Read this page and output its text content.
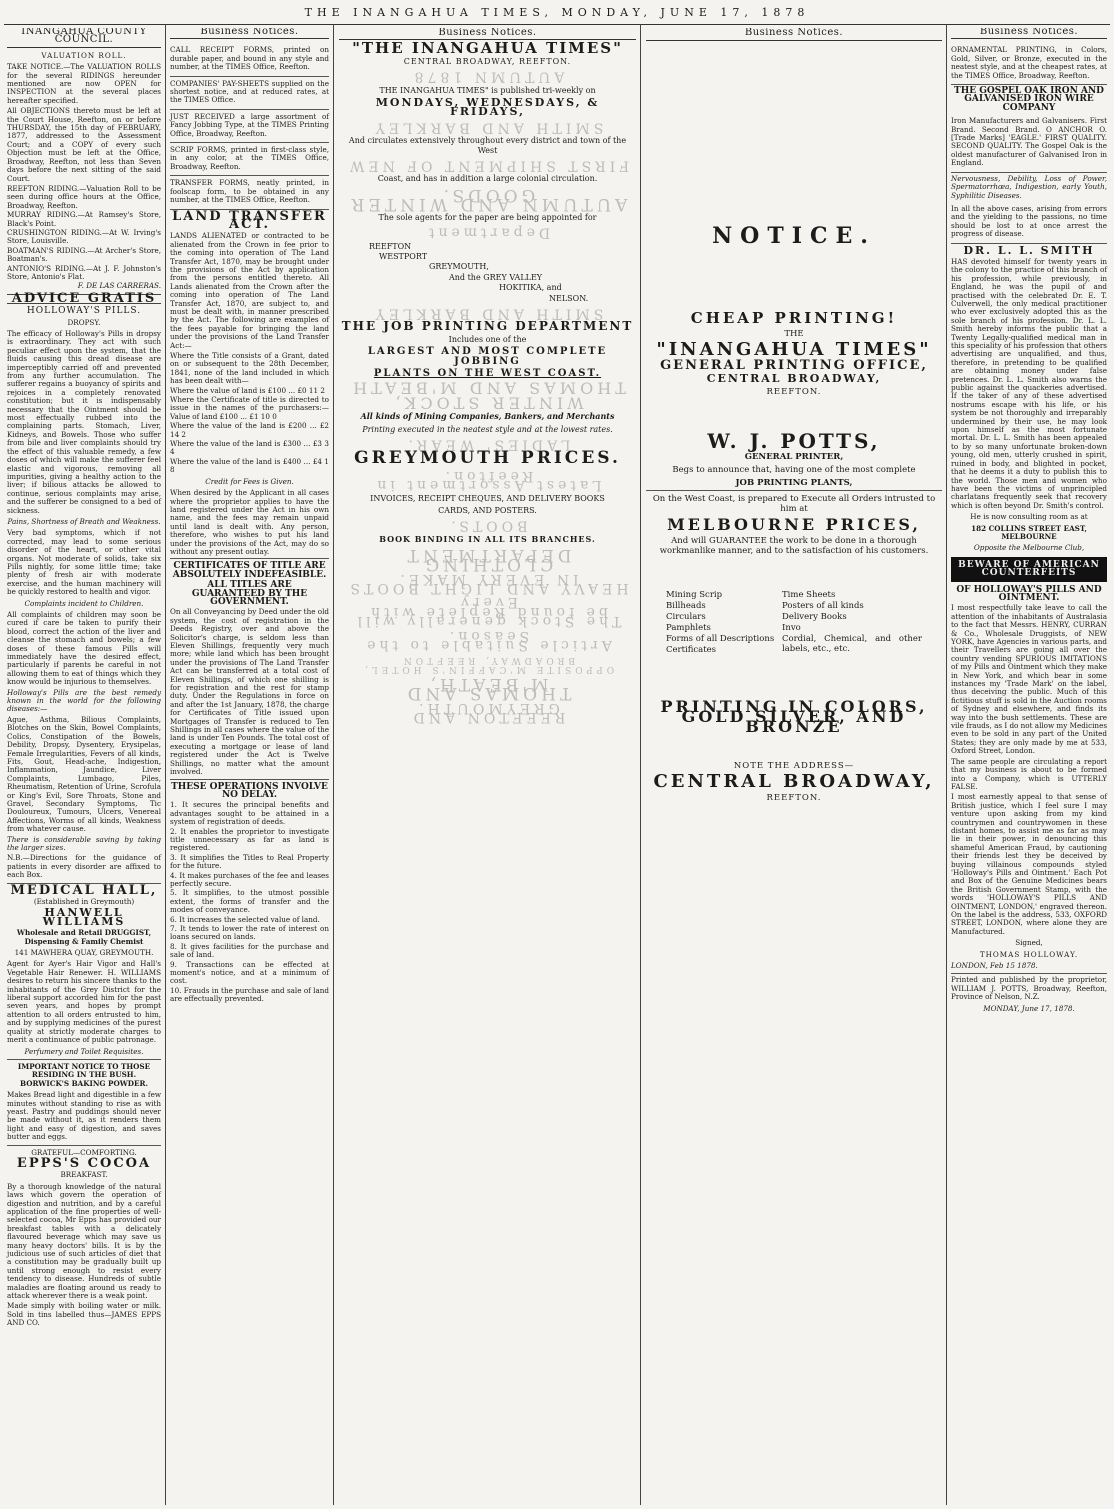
THE INANGAHUA TIMES, MONDAY, JUNE 17, 1878
INANGAHUA COUNTY COUNCIL.
VALUATION ROLL.
TAKE NOTICE.—The VALUATION ROLLS for the several RIDINGS hereunder mentioned are now OPEN for INSPECTION at the several places hereafter specified.
All OBJECTIONS thereto must be left at the Court House, Reefton, on or before THURSDAY, the 15th day of FEBRUARY, 1877, addressed to the Assessment Court; and a COPY of every such Objection must be left at the Office, Broadway, Reefton, not less than Seven days before the next sitting of the said Court.
REEFTON RIDING.—Valuation Roll to be seen during office hours at the Office, Broadway, Reefton.
MURRAY RIDING.—At Ramsey's Store, Black's Point.
CRUSHINGTON RIDING.—At W. Irving's Store, Louisville.
BOATMAN'S RIDING.—At Archer's Store, Boatman's.
ANTONIO'S RIDING.—At J. F. Johnston's Store, Antonio's Flat.
F. DE LAS CARRERAS.
ADVICE GRATIS
HOLLOWAY'S PILLS.
DROPSY.
The efficacy of Holloway's Pills in dropsy is extraordinary. They act with such peculiar effect upon the system, that the fluids causing this dread disease are imperceptibly carried off and prevented from any further accumulation. The sufferer regains a buoyancy of spirits and rejoices in a completely renovated constitution; but it is indispensably necessary that the Ointment should be most effectually rubbed into the complaining parts. Stomach, Liver, Kidneys, and Bowels. Those who suffer from bile and liver complaints should try the effect of this valuable remedy, a few doses of which will make the sufferer feel elastic and vigorous, removing all impurities, giving a healthy action to the liver; if bilious attacks be allowed to continue, serious complaints may arise, and the sufferer be consigned to a bed of sickness.
Pains, Shortness of Breath and Weakness.
Very bad symptoms, which if not corrected, may lead to some serious disorder of the heart, or other vital organs. Not moderate of solids, take six Pills nightly, for some little time; take plenty of fresh air with moderate exercise, and the human machinery will be quickly restored to health and vigor.
Complaints incident to Children.
All complaints of children may soon be cured if care be taken to purify their blood, correct the action of the liver and cleanse the stomach and bowels; a few doses of these famous Pills will immediately have the desired effect, particularly if parents be careful in not allowing them to eat of things which they know would be injurious to themselves.
Holloway's Pills are the best remedy known in the world for the following diseases:—
Ague, Asthma, Bilious Complaints, Blotches on the Skin, Bowel Complaints, Colics, Constipation of the Bowels, Debility, Dropsy, Dysentery, Erysipelas, Female Irregularities, Fevers of all kinds, Fits, Gout, Head-ache, Indigestion, Inflammation, Jaundice, Liver Complaints, Lumbago, Piles, Rheumatism, Retention of Urine, Scrofula or King's Evil, Sore Throats, Stone and Gravel, Secondary Symptoms, Tic Douloureux, Tumours, Ulcers, Venereal Affections, Worms of all kinds, Weakness from whatever cause.
There is considerable saving by taking the larger sizes.
N.B.—Directions for the guidance of patients in every disorder are affixed to each Box.
MEDICAL HALL,
(Established in Greymouth)
HANWELL WILLIAMS
Wholesale and Retail DRUGGIST, Dispensing & Family Chemist
141 MAWHERA QUAY, GREYMOUTH.
Agent for Ayer's Hair Vigor and Hall's Vegetable Hair Renewer. H. WILLIAMS desires to return his sincere thanks to the inhabitants of the Grey District for the liberal support accorded him for the past seven years, and hopes by prompt attention to all orders entrusted to him, and by supplying medicines of the purest quality at strictly moderate charges to merit a continuance of public patronage.
Perfumery and Toilet Requisites.
IMPORTANT NOTICE TO THOSE RESIDING IN THE BUSH. BORWICK'S BAKING POWDER.
Makes Bread light and digestible in a few minutes without standing to rise as with yeast. Pastry and puddings should never be made without it, as it renders them light and easy of digestion, and saves butter and eggs.
GRATEFUL—COMFORTING.
EPPS'S COCOA
BREAKFAST.
By a thorough knowledge of the natural laws which govern the operation of digestion and nutrition, and by a careful application of the fine properties of well-selected cocoa, Mr Epps has provided our breakfast tables with a delicately flavoured beverage which may save us many heavy doctors' bills. It is by the judicious use of such articles of diet that a constitution may be gradually built up until strong enough to resist every tendency to disease. Hundreds of subtle maladies are floating around us ready to attack wherever there is a weak point.
Made simply with boiling water or milk. Sold in tins labelled thus—JAMES EPPS AND CO.
Business Notices.
CALL RECEIPT FORMS, printed on durable paper, and bound in any style and number, at the TIMES Office, Reefton.
COMPANIES' PAY-SHEETS supplied on the shortest notice, and at reduced rates, at the TIMES Office.
JUST RECEIVED a large assortment of Fancy Jobbing Type, at the TIMES Printing Office, Broadway, Reefton.
SCRIP FORMS, printed in first-class style, in any color, at the TIMES Office, Broadway, Reefton.
TRANSFER FORMS, neatly printed, in foolscap form, to be obtained in any number, at the TIMES Office, Reefton.
LAND TRANSFER ACT.
LANDS ALIENATED or contracted to be alienated from the Crown in fee prior to the coming into operation of The Land Transfer Act, 1870, may be brought under the provisions of the Act by application from the persons entitled thereto. All Lands alienated from the Crown after the coming into operation of The Land Transfer Act, 1870, are subject to, and must be dealt with, in manner prescribed by the Act. The following are examples of the fees payable for bringing the land under the provisions of the Land Transfer Act:—
Where the Title consists of a Grant, dated on or subsequent to the 28th December, 1841, none of the land included in which has been dealt with—
Where the value of land is £100 ... £0 11 2
Where the Certificate of title is directed to issue in the names of the purchasers:—Value of land £100 ... £1 10 0
Where the value of the land is £200 ... £2 14 2
Where the value of the land is £300 ... £3 3 4
Where the value of the land is £400 ... £4 1 8
Credit for Fees is Given.
When desired by the Applicant in all cases where the proprietor applies to have the land registered under the Act in his own name, and the fees may remain unpaid until land is dealt with. Any person, therefore, who wishes to put his land under the provisions of the Act, may do so without any present outlay.
CERTIFICATES OF TITLE ARE ABSOLUTELY INDEFEASIBLE.
ALL TITLES ARE GUARANTEED BY THE GOVERNMENT.
On all Conveyancing by Deed under the old system, the cost of registration in the Deeds Registry, over and above the Solicitor's charge, is seldom less than Eleven Shillings, frequently very much more; while land which has been brought under the provisions of The Land Transfer Act can be transferred at a total cost of Eleven Shillings, of which one shilling is for registration and the rest for stamp duty. Under the Regulations in force on and after the 1st January, 1878, the charge for Certificates of Title issued upon Mortgages of Transfer is reduced to Ten Shillings in all cases where the value of the land is under Ten Pounds. The total cost of executing a mortgage or lease of land registered under the Act is Twelve Shillings, no matter what the amount involved.
THESE OPERATIONS INVOLVE NO DELAY.
1. It secures the principal benefits and advantages sought to be attained in a system of registration of deeds.
2. It enables the proprietor to investigate title unnecessary as far as land is registered.
3. It simplifies the Titles to Real Property for the future.
4. It makes purchases of the fee and leases perfectly secure.
5. It simplifies, to the utmost possible extent, the forms of transfer and the modes of conveyance.
6. It increases the selected value of land.
7. It tends to lower the rate of interest on loans secured on lands.
8. It gives facilities for the purchase and sale of land.
9. Transactions can be effected at moment's notice, and at a minimum of cost.
10. Frauds in the purchase and sale of land are effectually prevented.
Business Notices.
"THE INANGAHUA TIMES"
CENTRAL BROADWAY, REEFTON.
AUTUMN 1878
THE INANGAHUA TIMES" is published tri-weekly on
MONDAYS, WEDNESDAYS, & FRIDAYS,
SMITH AND BARKLEY
And circulates extensively throughout every district and town of the West
FIRST SHIPMENT OF NEW
Coast, and has in addition a large colonial circulation.
AUTUMN AND WINTER GOODS.
The sole agents for the paper are being appointed for
Department
REEFTON
WESTPORT
GREYMOUTH,
And the GREY VALLEY
HOKITIKA, and
NELSON.
SMITH AND BARKLEY
THE JOB PRINTING DEPARTMENT
Includes one of the
LARGEST AND MOST COMPLETE JOBBING
PLANTS ON THE WEST COAST.
THOMAS AND M'BEATH
WINTER STOCK,
All kinds of Mining Companies, Bankers, and Merchants
Printing executed in the neatest style and at the lowest rates.
LADIES' WEAR.
GREYMOUTH PRICES.
Latest Assortment in Reefton.
INVOICES, RECEIPT CHEQUES, AND DELIVERY BOOKS
CARDS, AND POSTERS.
BOOTS.
BOOK BINDING IN ALL ITS BRANCHES.
CLOTHING DEPARTMENT
HEAVY AND LIGHT BOOTS IN EVERY MAKE.
The Stock generally will be found Replete with Every
Article Suitable to the Season.
OPPOSITE M'CAFFIN'S HOTEL, BROADWAY, REEFTON
THOMAS AND M'BEATH,
REEFTON AND GREYMOUTH.
Business Notices.
NOTICE.
CHEAP PRINTING!
THE
"INANGAHUA TIMES"
GENERAL PRINTING OFFICE,
CENTRAL BROADWAY,
REEFTON.
W. J. POTTS,
GENERAL PRINTER,
Begs to announce that, having one of the most complete
JOB PRINTING PLANTS,
On the West Coast, is prepared to Execute all Orders intrusted to him at
MELBOURNE PRICES,
And will GUARANTEE the work to be done in a thorough workmanlike manner, and to the satisfaction of his customers.
Mining Scrip
Billheads
Circulars
Pamphlets
Forms of all Descriptions
Certificates
Time Sheets
Posters of all kinds
Delivery Books
Invo
Cordial, Chemical, and other labels, etc., etc.
PRINTING IN COLORS, GOLD SILVER, AND BRONZE
NOTE THE ADDRESS—
CENTRAL BROADWAY,
REEFTON.
Business Notices.
ORNAMENTAL PRINTING, in Colors, Gold, Silver, or Bronze, executed in the neatest style, and at the cheapest rates, at the TIMES Office, Broadway, Reefton.
THE GOSPEL OAK IRON AND GALVANISED IRON WIRE COMPANY
Iron Manufacturers and Galvanisers. First Brand. Second Brand. O ANCHOR O. [Trade Marks] 'EAGLE.' FIRST QUALITY. SECOND QUALITY. The Gospel Oak is the oldest manufacturer of Galvanised Iron in England.
Nervousness, Debility, Loss of Power, Spermatorrhœa, Indigestion, early Youth, Syphilitic Diseases.
In all the above cases, arising from errors and the yielding to the passions, no time should be lost to at once arrest the progress of disease.
DR. L. L. SMITH
HAS devoted himself for twenty years in the colony to the practice of this branch of his profession, while previously, in England, he was the pupil of and practised with the celebrated Dr. E. T. Culverwell, the only medical practitioner who ever exclusively adopted this as the sole branch of his profession. Dr. L. L. Smith hereby informs the public that a Twenty Legally-qualified medical man in this speciality of his profession that others advertising are unqualified, and thus, therefore, in pretending to be qualified are obtaining money under false pretences. Dr. L. L. Smith also warns the public against the quackeries advertised. If the taker of any of these advertised nostrums escape with his life, or his system be not thoroughly and irreparably undermined by their use, he may look upon himself as the most fortunate mortal. Dr. L. L. Smith has been appealed to by so many unfortunate broken-down young, old men, utterly crushed in spirit, ruined in body, and blighted in pocket, that he deems it a duty to publish this to the world. Those men and women who have been the victims of unprincipled charlatans frequently seek that recovery which is often beyond Dr. Smith's control.
He is now consulting room as at
182 COLLINS STREET EAST, MELBOURNE
Opposite the Melbourne Club,
BEWARE OF AMERICAN COUNTERFEITS
OF HOLLOWAY'S PILLS AND OINTMENT.
I most respectfully take leave to call the attention of the inhabitants of Australasia to the fact that Messrs. HENRY, CURRAN & Co., Wholesale Druggists, of NEW YORK, have Agencies in various parts, and their Travellers are going all over the country vending SPURIOUS IMITATIONS of my Pills and Ointment which they make in New York, and which bear in some instances my 'Trade Mark' on the label, thus deceiving the public. Much of this fictitious stuff is sold in the Auction rooms of Sydney and elsewhere, and finds its way into the bush settlements. These are vile frauds, as I do not allow my Medicines even to be sold in any part of the United States; they are only made by me at 533, Oxford Street, London.
The same people are circulating a report that my business is about to be formed into a Company, which is UTTERLY FALSE.
I most earnestly appeal to that sense of British justice, which I feel sure I may venture upon asking from my kind countrymen and countrywomen in these distant homes, to assist me as far as may lie in their power, in denouncing this shameful American Fraud, by cautioning their friends lest they be deceived by buying villainous compounds styled 'Holloway's Pills and Ointment.' Each Pot and Box of the Genuine Medicines bears the British Government Stamp, with the words 'HOLLOWAY'S PILLS AND OINTMENT, LONDON,' engraved thereon. On the label is the address, 533, OXFORD STREET, LONDON, where alone they are Manufactured.
Signed,
THOMAS HOLLOWAY.
LONDON, Feb 15 1878.
Printed and published by the proprietor, WILLIAM J. POTTS, Broadway, Reefton, Province of Nelson, N.Z.
MONDAY, June 17, 1878.
